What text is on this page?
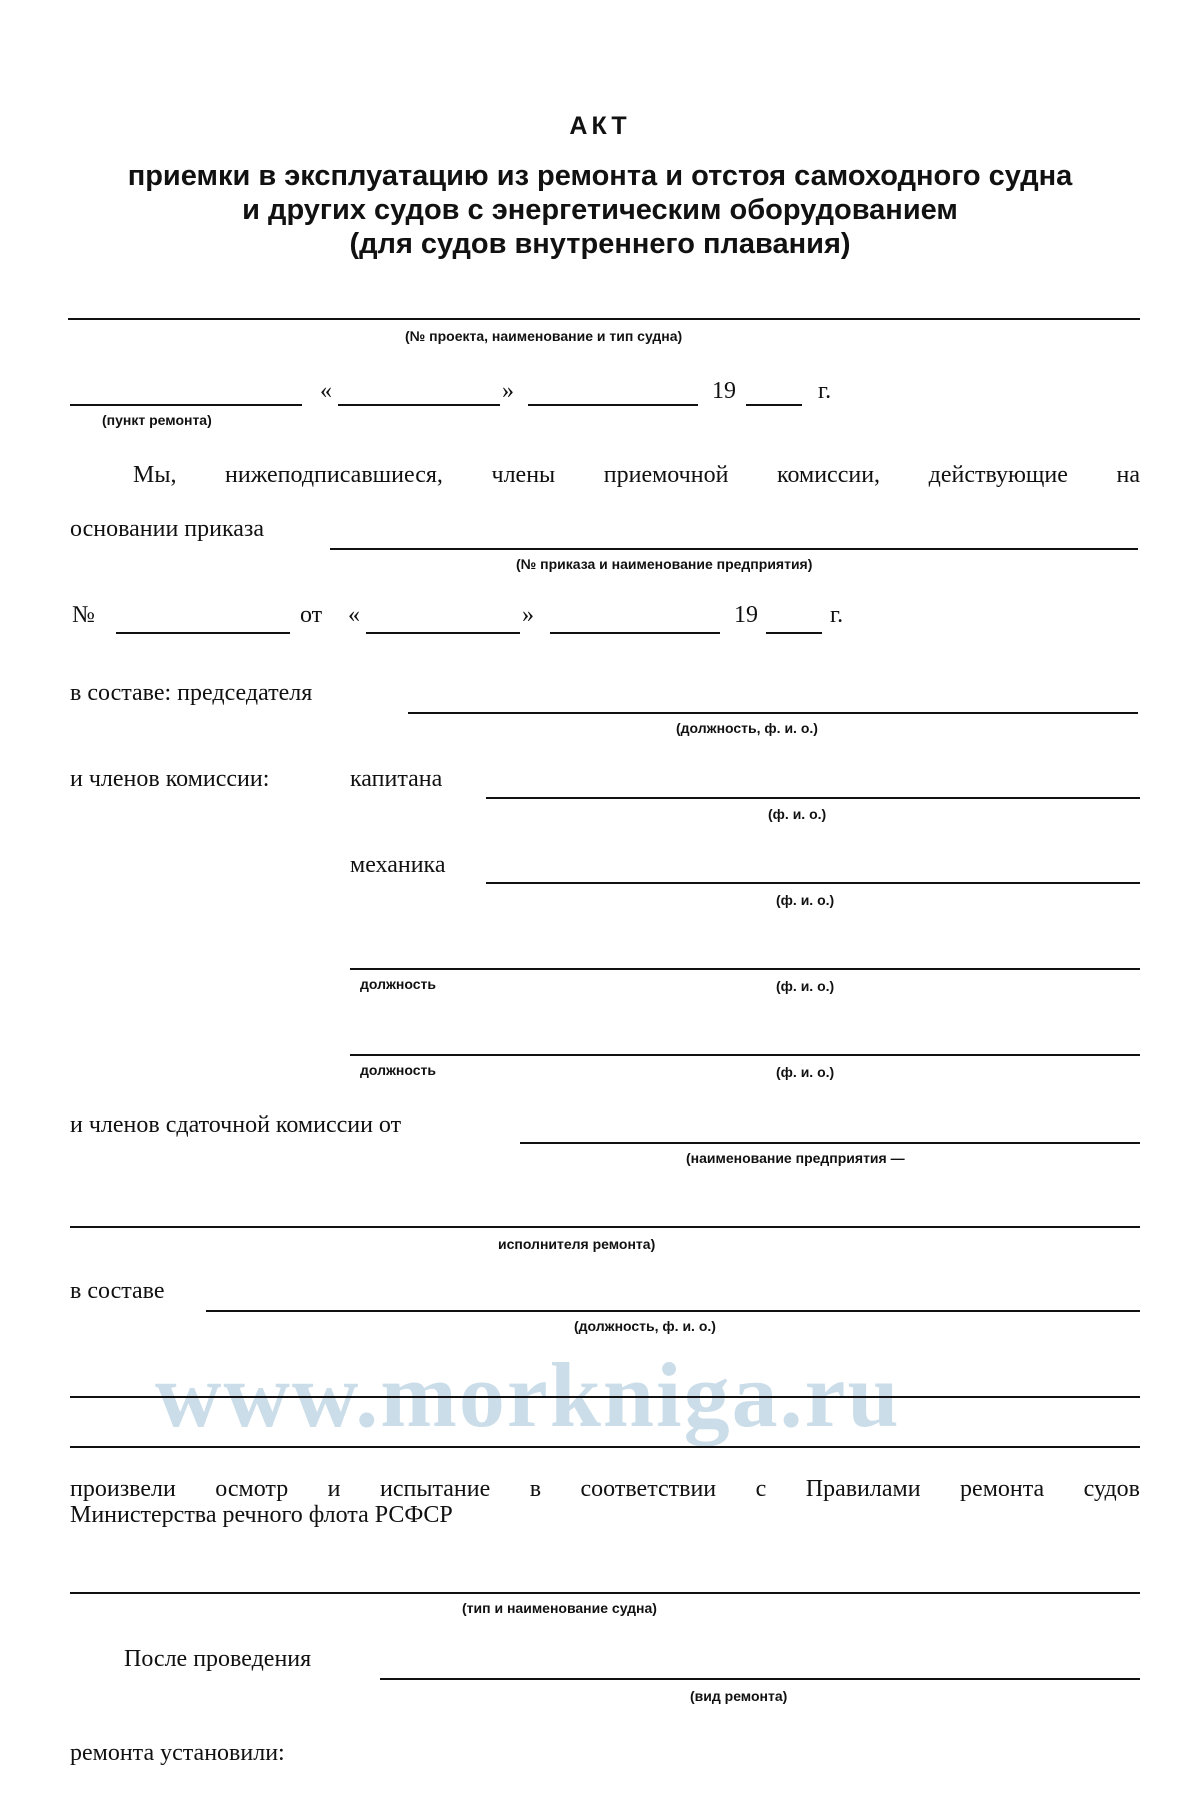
АКТ
приемки в эксплуатацию из ремонта и отстоя самоходного судна
и других судов с энергетическим оборудованием
(для судов внутреннего плавания)
(№ проекта, наименование и тип судна)
«	»	19	г.
(пункт ремонта)
Мы, нижеподписавшиеся, члены приемочной комиссии, действующие на
основании приказа
(№ приказа и наименование предприятия)
№	от «	»	19	г.
в составе: председателя
(должность, ф. и. о.)
и членов комиссии:	капитана
(ф. и. о.)
механика
(ф. и. о.)
должность	(ф. и. о.)
должность	(ф. и. о.)
и членов сдаточной комиссии от
(наименование предприятия —
исполнителя ремонта)
в составе
(должность, ф. и. о.)
www.morkniga.ru
произвели осмотр и испытание в соответствии с Правилами ремонта судов
Министерства речного флота РСФСР
(тип и наименование судна)
После проведения
(вид ремонта)
ремонта установили:
